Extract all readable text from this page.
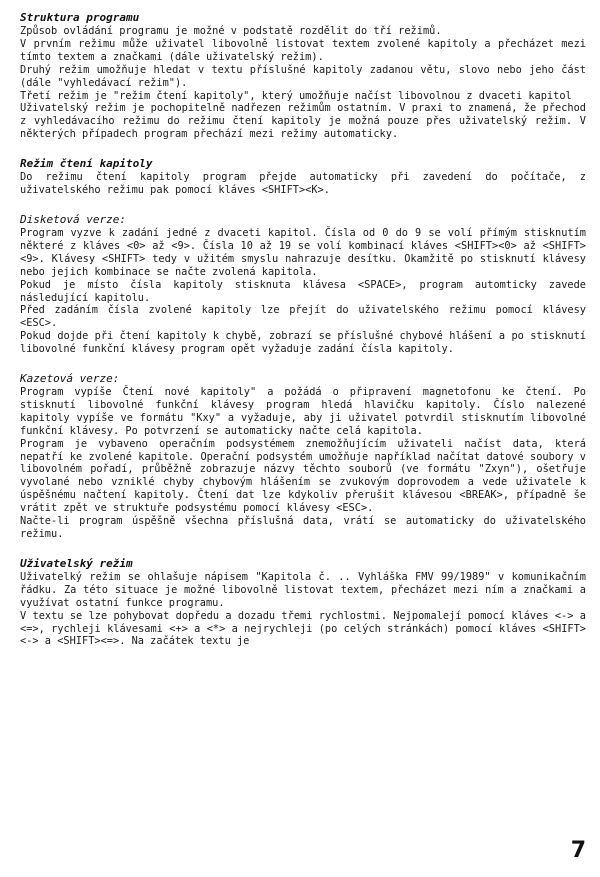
Struktura programu

Způsob ovládání programu je možné v podstatě rozdělit do tří režimů.

V prvním režimu může uživatel libovolně listovat textem zvolené kapitoly a přecházet mezi tímto textem a značkami (dále uživatelský režim).

Druhý režim umožňuje hledat v textu příslušné kapitoly zadanou větu, slovo nebo jeho část (dále "vyhledávací režim").

Třetí režim je "režim čtení kapitoly", který umožňuje načíst libovolnou z dvaceti kapitol

Uživatelský režim je pochopitelně nadřezen režimům ostatním. V praxi to znamená, že přechod z vyhledávacího režimu do režimu čtení kapitoly je možná pouze přes uživatelský režim. V některých případech program přechází mezi režimy automaticky.

Režim čtení kapitoly

Do režimu čtení kapitoly program přejde automaticky při zavedení do počítače, z uživatelského režimu pak pomocí kláves <SHIFT><K>.

Disketová verze:

Program vyzve k zadání jedné z dvaceti kapitol. Čísla od 0 do 9 se volí přímým stisknutím některé z kláves <0> až <9>. Čísla 10 až 19 se volí kombinací kláves <SHIFT><0> až <SHIFT><9>. Klávesy <SHIFT> tedy v užitém smyslu nahrazuje desítku. Okamžitě po stisknutí klávesy nebo jejich kombinace se načte zvolená kapitola.

Pokud je místo čísla kapitoly stisknuta klávesa <SPACE>, program automticky zavede následující kapitolu.

Před zadáním čísla zvolené kapitoly lze přejít do uživatelského režimu pomocí klávesy <ESC>.

Pokud dojde při čtení kapitoly k chybě, zobrazí se příslušné chybové hlášení a po stisknutí libovolné funkční klávesy program opět vyžaduje zadání čísla kapitoly.

Kazetová verze:

Program vypíše Čtení nové kapitoly" a požádá o připravení magnetofonu ke čtení. Po stisknutí libovolné funkční klávesy program hledá hlavičku kapitoly. Číslo nalezené kapitoly vypíše ve formátu "Kxy" a vyžaduje, aby ji uživatel potvrdil stisknutím libovolné funkční klávesy. Po potvrzení se automaticky načte celá kapitola.

Program je vybaveno operačním podsystémem znemožňujícím uživateli načíst data, která nepatří ke zvolené kapitole. Operační podsystém umožňuje například načítat datové soubory v libovolném pořadí, průběžně zobrazuje názvy těchto souborů (ve formátu "Zxyn"), ošetřuje vyvolané nebo vzniklé chyby chybovým hlášením se zvukovým doprovodem a vede uživatele k úspěšnému načtení kapitoly. Čtení dat lze kdykoliv přerušit klávesou <BREAK>, případně še vrátit zpět ve struktuře podsystému pomocí klávesy <ESC>.

Načte-li program úspěšně všechna příslušná data, vrátí se automaticky do uživatelského režimu.

Uživatelský režim

Uživatelký režim se ohlašuje nápisem "Kapitola č. .. Vyhláška FMV 99/1989" v komunikačním řádku. Za této situace je možné libovolně listovat textem, přecházet mezi ním a značkami a využívat ostatní funkce programu.

V textu se lze pohybovat dopředu a dozadu třemi rychlostmi. Nejpomalejí pomocí kláves <-> a <=>, rychleji klávesami <+> a <*> a nejrychleji (po celých stránkách) pomocí kláves <SHIFT><-> a <SHIFT><=>. Na začátek textu je

7
